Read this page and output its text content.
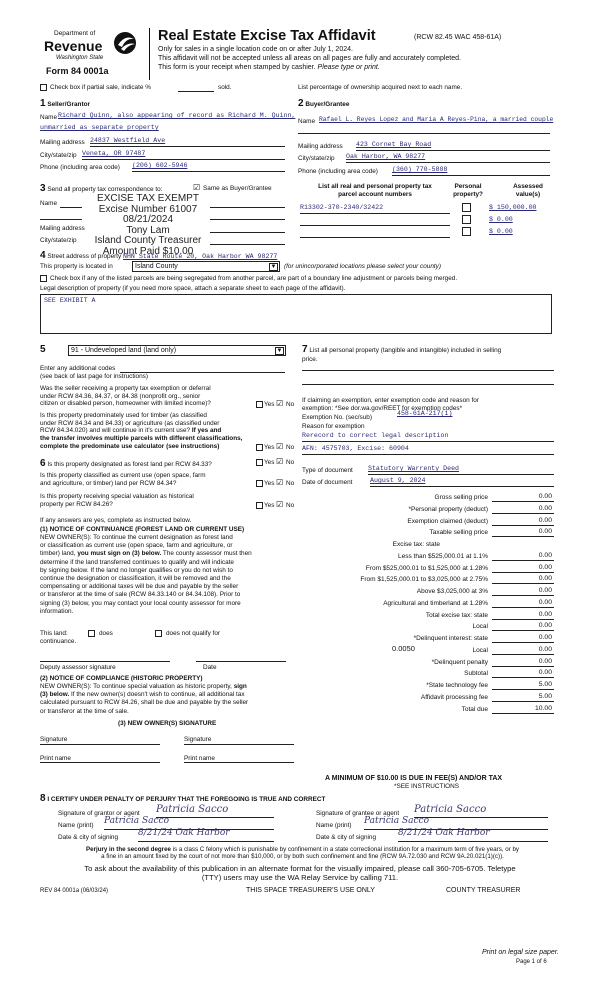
Department of
Revenue
Washington State
Form 84 0001a
Real Estate Excise Tax Affidavit	(RCW 82.45 WAC 458-61A)
Only for sales in a single location code on or after July 1, 2024.
This affidavit will not be accepted unless all areas on all pages are fully and accurately completed.
This form is your receipt when stamped by cashier. Please type or print.
Check box if partial sale, indicate %	sold.	List percentage of ownership acquired next to each name.
1 Seller/Grantor
Name Richard Quinn, also appearing of record as Richard M. Quinn,
unmarried as separate property
Mailing address 24837 Westfield Ave
City/state/zip Veneta, OR 97487
Phone (including area code) (206) 602-5946
2 Buyer/Grantee
Name Rafael L. Reyes Lopez and Maria A Reyes-Pina, a married couple
Mailing address 423 Cornet Bay Road
City/state/zip Oak Harbor, WA 98277
Phone (including area code) (360) 770-5808
3 Send all property tax correspondence to:	☑ Same as Buyer/Grantee
Name
Mailing address
City/state/zip
EXCISE TAX EXEMPT
Excise Number 61007
08/21/2024
Tony Lam
Island County Treasurer
Amount Paid $10.00
List all real and personal property tax
parcel account numbers
Personal
property?
Assessed
value(s)
R13302-370-2340/32422	$ 150,000.00
$ 0.00
$ 0.00
4 Street address of property NHN State Route 20, Oak Harbor WA 98277
This property is located in	Island County	▼ (for unincorporated locations please select your county)
Check box if any of the listed parcels are being segregated from another parcel, are part of a boundary line adjustment or parcels being merged.
Legal description of property (if you need more space, attach a separate sheet to each page of the affidavit).
SEE EXHIBIT A
5	91 - Undeveloped land (land only)	▼
Enter any additional codes
(see back of last page for instructions)
Was the seller receiving a property tax exemption or deferral
under RCW 84.36, 84.37, or 84.38 (nonprofit org., senior
citizen or disabled person, homeowner with limited income)?	Yes ☑ No
Is this property predominately used for timber (as classified
under RCW 84.34 and 84.33) or agriculture (as classified under
RCW 84.34.020) and will continue in it's current use? If yes and
the transfer involves multiple parcels with different classifications,
complete the predominate use calculator (see instructions)	Yes ☑ No
6 Is this property designated as forest land per RCW 84.33?	Yes ☑ No
Is this property classified as current use (open space, farm
and agriculture, or timber) land per RCW 84.34?	Yes ☑ No
Is this property receiving special valuation as historical
property per RCW 84.26?	Yes ☑ No
If any answers are yes, complete as instructed below.
(1) NOTICE OF CONTINUANCE (FOREST LAND OR CURRENT USE)
NEW OWNER(S): To continue the current designation as forest land
or classification as current use (open space, farm and agriculture, or
timber) land, you must sign on (3) below. The county assessor must then
determine if the land transferred continues to qualify and will indicate
by signing below. If the land no longer qualifies or you do not wish to
continue the designation or classification, it will be removed and the
compensating or additional taxes will be due and payable by the seller
or transferor at the time of sale (RCW 84.33.140 or 84.34.108). Prior to
signing (3) below, you may contact your local county assessor for more
information.
This land:	does	does not qualify for
continuance.
Deputy assessor signature	Date
(2) NOTICE OF COMPLIANCE (HISTORIC PROPERTY)
NEW OWNER(S): To continue special valuation as historic property, sign
(3) below. If the new owner(s) doesn't wish to continue, all additional tax
calculated pursuant to RCW 84.26, shall be due and payable by the seller
or transferor at the time of sale.
(3) NEW OWNER(S) SIGNATURE
Signature	Signature
Print name	Print name
7 List all personal property (tangible and intangible) included in selling
price.
If claiming an exemption, enter exemption code and reason for
exemption: *See dor.wa.gov/REET for exemption codes*
Exemption No. (sec/sub)
458-61A-217(1)
Reason for exemption
Rerecord to correct legal description
AFN: 4575703, Excise: 60904
Type of document Statutory Warrenty Deed
Date of document	August 9, 2024
Gross selling price	0.00
*Personal property (deduct)	0.00
Exemption claimed (deduct)	0.00
Taxable selling price	0.00
Excise tax: state
Less than $525,000.01 at 1.1%	0.00
From $525,000.01 to $1,525,000 at 1.28%	0.00
From $1,525,000.01 to $3,025,000 at 2.75%	0.00
Above $3,025,000 at 3%	0.00
Agricultural and timberland at 1.28%	0.00
Total excise tax: state	0.00
Local	0.00
*Delinquent interest: state	0.00
Local	0.00
*Delinquent penalty	0.00
Subtotal	0.00
*State technology fee	5.00
Affidavit processing fee	5.00
Total due	10.00
0.0050
A MINIMUM OF $10.00 IS DUE IN FEE(S) AND/OR TAX
*SEE INSTRUCTIONS
8 I CERTIFY UNDER PENALTY OF PERJURY THAT THE FOREGOING IS TRUE AND CORRECT
Signature of grantor or agent Patricia Sacco
Name (print) Patricia Sacco
Date & city of signing 8/21/24 Oak Harbor
Signature of grantee or agent Patricia Sacco
Name (print) Patricia Sacco
Date & city of signing 8/21/24 Oak Harbor
Perjury in the second degree is a class C felony which is punishable by confinement in a state correctional institution for a maximum term of five years, or by
a fine in an amount fixed by the court of not more than $10,000, or by both such confinement and fine (RCW 9A.72.030 and RCW 9A.20.021(1)(c)).
To ask about the availability of this publication in an alternate format for the visually impaired, please call 360-705-6705. Teletype
(TTY) users may use the WA Relay Service by calling 711.
REV 84 0001a (06/03/24)	THIS SPACE TREASURER'S USE ONLY	COUNTY TREASURER
Print on legal size paper.
Page 1 of 6
